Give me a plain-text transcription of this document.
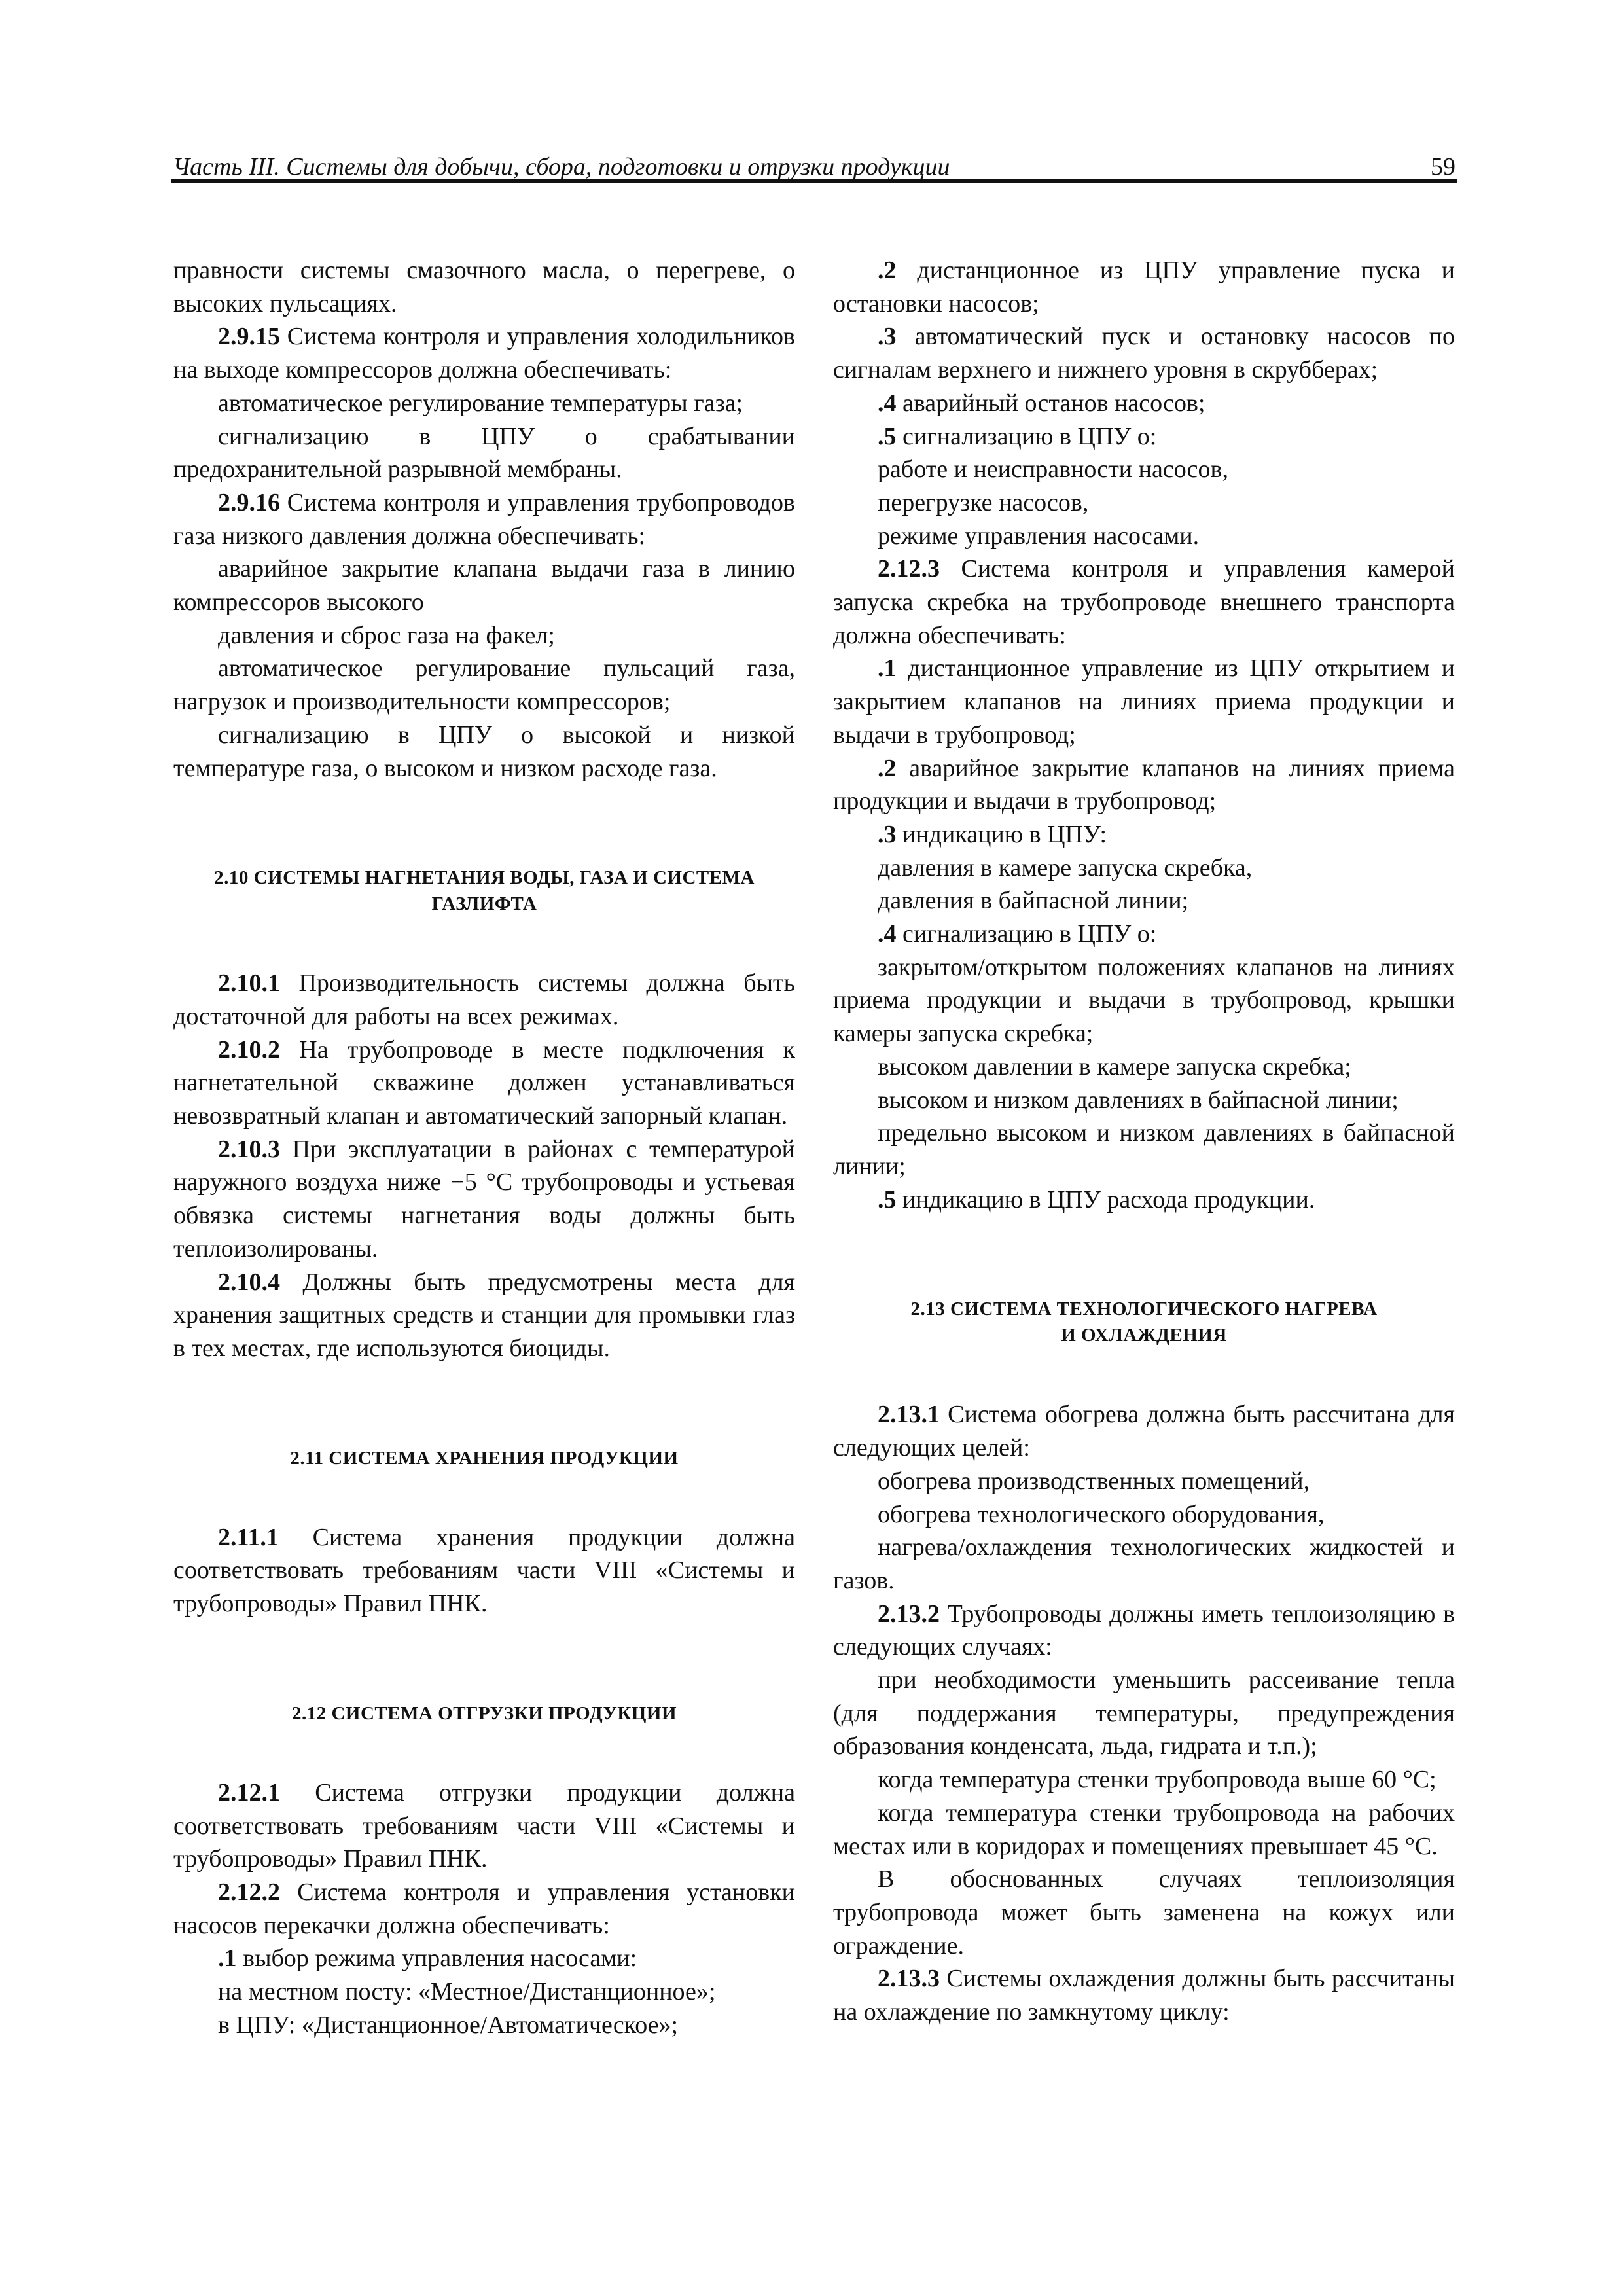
Часть III. Системы для добычи, сбора, подготовки и отрузки продукции	59

правности системы смазочного масла, о перегреве, о высоких пульсациях.

2.9.15 Система контроля и управления холодильников на выходе компрессоров должна обеспечивать:

автоматическое регулирование температуры газа;

сигнализацию в ЦПУ о срабатывании предохранительной разрывной мембраны.

2.9.16 Система контроля и управления трубопроводов газа низкого давления должна обеспечивать:

аварийное закрытие клапана выдачи газа в линию компрессоров высокого

давления и сброс газа на факел;

автоматическое регулирование пульсаций газа, нагрузок и производительности компрессоров;

сигнализацию в ЦПУ о высокой и низкой температуре газа, о высоком и низком расходе газа.

2.10 СИСТЕМЫ НАГНЕТАНИЯ ВОДЫ, ГАЗА И СИСТЕМА ГАЗЛИФТА

2.10.1 Производительность системы должна быть достаточной для работы на всех режимах.

2.10.2 На трубопроводе в месте подключения к нагнетательной скважине должен устанавливаться невозвратный клапан и автоматический запорный клапан.

2.10.3 При эксплуатации в районах с температурой наружного воздуха ниже −5 °С трубопроводы и устьевая обвязка системы нагнетания воды должны быть теплоизолированы.

2.10.4 Должны быть предусмотрены места для хранения защитных средств и станции для промывки глаз в тех местах, где используются биоциды.

2.11 СИСТЕМА ХРАНЕНИЯ ПРОДУКЦИИ

2.11.1 Система хранения продукции должна соответствовать требованиям части VIII «Системы и трубопроводы» Правил ПНК.

2.12 СИСТЕМА ОТГРУЗКИ ПРОДУКЦИИ

2.12.1 Система отгрузки продукции должна соответствовать требованиям части VIII «Системы и трубопроводы» Правил ПНК.

2.12.2 Система контроля и управления установки насосов перекачки должна обеспечивать:

.1 выбор режима управления насосами:

на местном посту: «Местное/Дистанционное»;

в ЦПУ: «Дистанционное/Автоматическое»;

.2 дистанционное из ЦПУ управление пуска и остановки насосов;

.3 автоматический пуск и остановку насосов по сигналам верхнего и нижнего уровня в скрубберах;

.4 аварийный останов насосов;

.5 сигнализацию в ЦПУ о:

работе и неисправности насосов,

перегрузке насосов,

режиме управления насосами.

2.12.3 Система контроля и управления камерой запуска скребка на трубопроводе внешнего транспорта должна обеспечивать:

.1 дистанционное управление из ЦПУ открытием и закрытием клапанов на линиях приема продукции и выдачи в трубопровод;

.2 аварийное закрытие клапанов на линиях приема продукции и выдачи в трубопровод;

.3 индикацию в ЦПУ:

давления в камере запуска скребка,

давления в байпасной линии;

.4 сигнализацию в ЦПУ о:

закрытом/открытом положениях клапанов на линиях приема продукции и выдачи в трубопровод, крышки камеры запуска скребка;

высоком давлении в камере запуска скребка;

высоком и низком давлениях в байпасной линии;

предельно высоком и низком давлениях в байпасной линии;

.5 индикацию в ЦПУ расхода продукции.

2.13 СИСТЕМА ТЕХНОЛОГИЧЕСКОГО НАГРЕВА
И ОХЛАЖДЕНИЯ

2.13.1 Система обогрева должна быть рассчитана для следующих целей:

обогрева производственных помещений,

обогрева технологического оборудования,

нагрева/охлаждения технологических жидкостей и газов.

2.13.2 Трубопроводы должны иметь теплоизоляцию в следующих случаях:

при необходимости уменьшить рассеивание тепла (для поддержания температуры, предупреждения образования конденсата, льда, гидрата и т.п.);

когда температура стенки трубопровода выше 60 °С;

когда температура стенки трубопровода на рабочих местах или в коридорах и помещениях превышает 45 °С.

В обоснованных случаях теплоизоляция трубопровода может быть заменена на кожух или ограждение.

2.13.3 Системы охлаждения должны быть рассчитаны на охлаждение по замкнутому циклу:
